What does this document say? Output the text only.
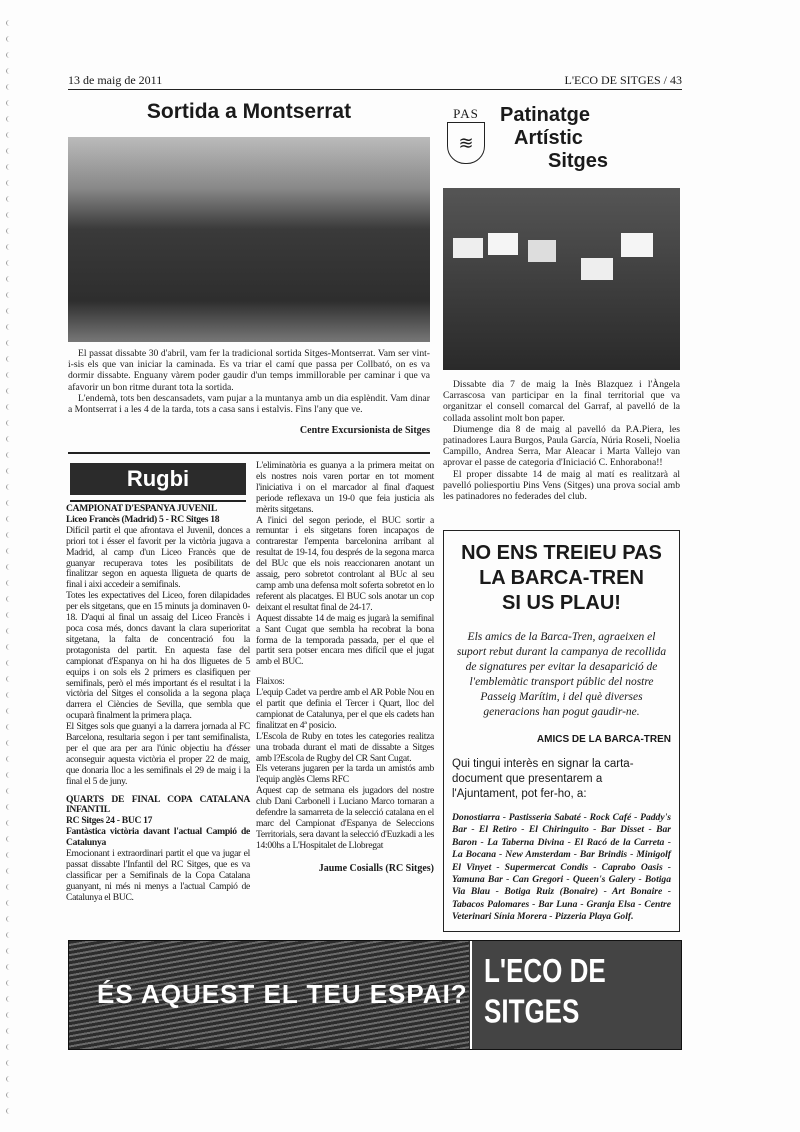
13 de maig de 2011	L'ECO DE SITGES / 43
Sortida a Montserrat

El passat dissabte 30 d'abril, vam fer la tradicional sortida Sitges-Montserrat. Vam ser vint-i-sis els que van iniciar la caminada. Es va triar el camí que passa per Collbató, on es va dormir dissabte. Enguany vàrem poder gaudir d'un temps immillorable per caminar i que va afavorir un bon ritme durant tota la sortida.

L'endemà, tots ben descansadets, vam pujar a la muntanya amb un dia esplèndit. Vam dinar a Montserrat i a les 4 de la tarda, tots a casa sans i estalvis. Fins l'any que ve.

Centre Excursionista de Sitges
PAS
≋
Patinatge
Artístic
Sitges

Dissabte dia 7 de maig la Inès Blazquez i l'Àngela Carrascosa van participar en la final territorial que va organitzar el consell comarcal del Garraf, al pavelló de la collada assolint molt bon paper.

Diumenge dia 8 de maig al pavelló da P.A.Piera, les patinadores Laura Burgos, Paula García, Núria Roseli, Noelia Campillo, Andrea Serra, Mar Aleacar i Marta Vallejo van aprovar el passe de categoria d'Iniciació C. Enhorabona!!

El proper dissabte 14 de maig al matí es realitzarà al pavelló poliesportiu Pins Vens (Sitges) una prova social amb les patinadores no federades del club.

Rugbi

CAMPIONAT D'ESPANYA JUVENIL

Liceo Francès (Madrid) 5 - RC Sitges 18

Difícil partit el que afrontava el Juvenil, donces a priori tot i ésser el favorit per la victòria jugava a Madrid, al camp d'un Liceo Francès que de guanyar recuperava totes les posibilitats de finalitzar segon en aquesta lligueta de quarts de final i aixi accedeir a semifinals.

Totes les expectatives del Liceo, foren dilapidades per els sitgetans, que en 15 minuts ja dominaven 0-18. D'aqui al final un assaig del Liceo Francès i poca cosa més, doncs davant la clara superioritat sitgetana, la falta de concentració fou la protagonista del partit. En aquesta fase del campionat d'Espanya on hi ha dos lliguetes de 5 equips i on sols els 2 primers es clasifiquen per semifinals, però el més important és el resultat i la victòria del Sitges el consolida a la segona plaça darrera el Ciències de Sevilla, que sembla que ocuparà finalment la primera plaça.

El Sitges sols que guanyi a la darrera jornada al FC Barcelona, resultaria segon i per tant semifinalista, per el que ara per ara l'únic objectiu ha d'ésser aconseguir aquesta victòria el proper 22 de maig, que donaria lloc a les semifinals el 29 de maig i la final el 5 de juny.

QUARTS DE FINAL COPA CATALANA INFANTIL

RC Sitges 24 - BUC 17

Fantàstica victòria davant l'actual Campió de Catalunya

Emocionant i extraordinari partit el que va jugar el passat dissabte l'Infantil del RC Sitges, que es va classificar per a Semifinals de la Copa Catalana guanyant, ni més ni menys a l'actual Campió de Catalunya el BUC.

L'eliminatòria es guanya a la primera meitat on els nostres nois varen portar en tot moment l'iniciativa i on el marcador al final d'aquest periode reflexava un 19-0 que feia justicia als mèrits sitgetans.

A l'inici del segon periode, el BUC sortir a remuntar i els sitgetans foren incapaços de contrarestar l'empenta barcelonina arribant al resultat de 19-14, fou després de la segona marca del BUc que els nois reaccionaren anotant un assaig, pero sobretot controlant al BUc al seu camp amb una defensa molt soferta sobretot en lo referent als placatges. El BUC sols anotar un cop deixant el resultat final de 24-17.

Aquest dissabte 14 de maig es jugarà la semifinal a Sant Cugat que sembla ha recobrat la bona forma de la temporada passada, per el que el partit sera potser encara mes difícil que el jugat amb el BUC.

Flaixos:

L'equip Cadet va perdre amb el AR Poble Nou en el partit que definia el Tercer i Quart, lloc del campionat de Catalunya, per el que els cadets han finalitzat en 4ª posicio.

L'Escola de Ruby en totes les categories realitza una trobada durant el mati de dissabte a Sitges amb l?Escola de Rugby del CR Sant Cugat.

Els veterans jugaren per la tarda un amistós amb l'equip anglès Clems RFC

Aquest cap de setmana els jugadors del nostre club Dani Carbonell i Luciano Marco tornaran a defendre la samarreta de la selecció catalana en el marc del Campionat d'Espanya de Seleccions Territorials, sera davant la selecció d'Euzkadi a les 14:00hs a L'Hospitalet de Llobregat

Jaume Cosialls (RC Sitges)
NO ENS TREIEU PAS
LA BARCA-TREN
SI US PLAU!
Els amics de la Barca-Tren, agraeixen el suport rebut durant la campanya de recollida de signatures per evitar la desaparició de l'emblemàtic transport públic del nostre Passeig Marítim, i del què diverses generacions han pogut gaudir-ne.
AMICS DE LA BARCA-TREN
Qui tingui interès en signar la carta-document que presentarem a l'Ajuntament, pot fer-ho, a:
Donostiarra - Pastisseria Sabaté - Rock Café - Paddy's Bar - El Retiro - El Chiringuito - Bar Disset - Bar Baron - La Taberna Divina - El Racó de la Carreta - La Bocana - New Amsterdam - Bar Brindis - Minigolf El Vinyet - Supermercat Condis - Caprabo Oasis - Yamuna Bar - Can Gregori - Queen's Galery - Botiga Via Blau - Botiga Ruiz (Bonaire) - Art Bonaire - Tabacos Palomares - Bar Luna - Granja Elsa - Centre Veterinari Sínia Morera - Pizzeria Playa Golf.
ÉS AQUEST EL TEU ESPAI?
L'ECO DE SITGES
